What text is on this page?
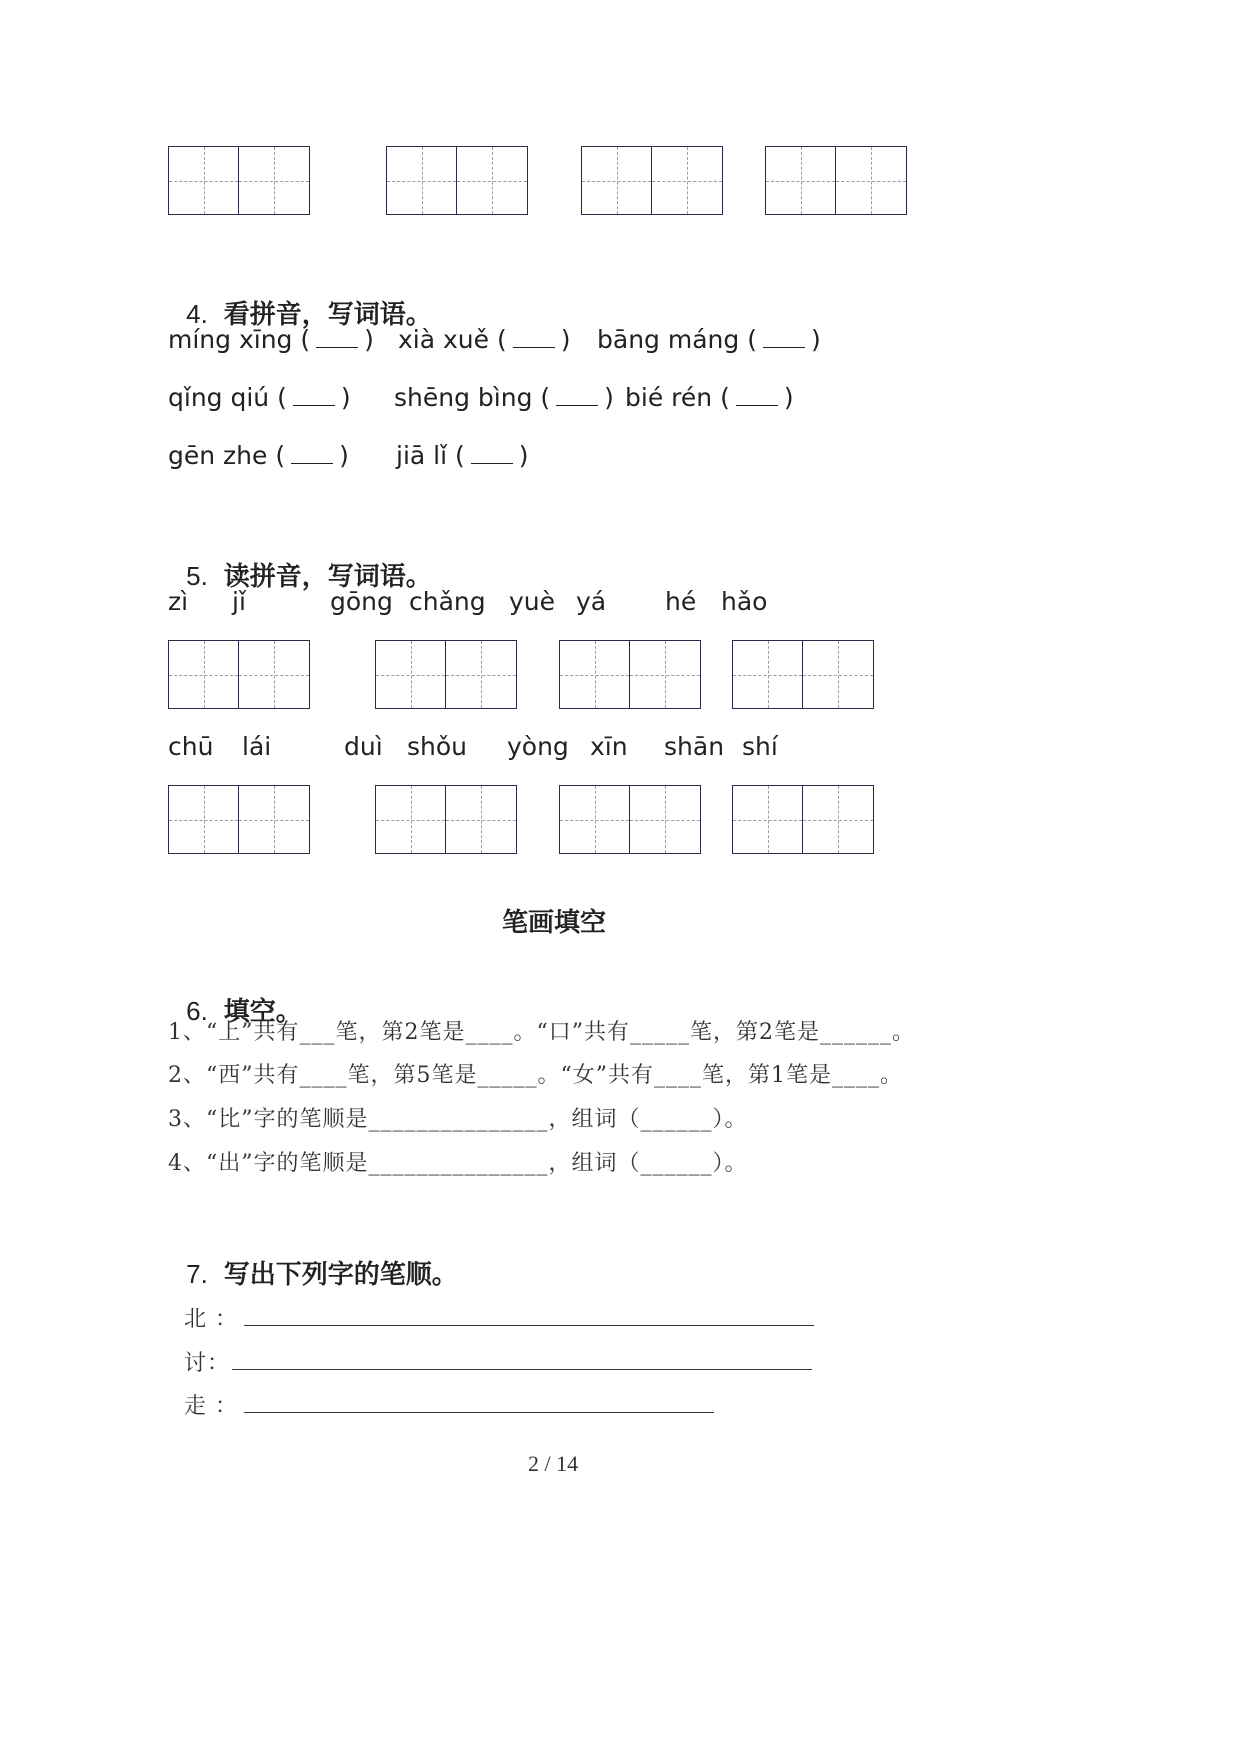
4. 看拼音，写词语。

míng xīng ( ) xià xuě ( ) bāng máng ( )
qǐng qiú ( ) shēng bìng ( ) bié rén ( )
gēn zhe ( ) jiā lǐ ( )

5. 读拼音，写词语。

zì jǐ	gōng chǎng yuè yá hé hǎo
chū lái	duì shǒu yòng xīn shān shí
笔画填空

6. 填空。

1、“上”共有___笔，第2笔是____。“口”共有_____笔，第2笔是______。
2、“西”共有____笔，第5笔是_____。“女”共有____笔，第1笔是____。
3、“比”字的笔顺是_______________，组词（______）。
4、“出”字的笔顺是_______________，组词（______）。

7. 写出下列字的笔顺。

北 ：

讨：

走 ：

2 / 14
